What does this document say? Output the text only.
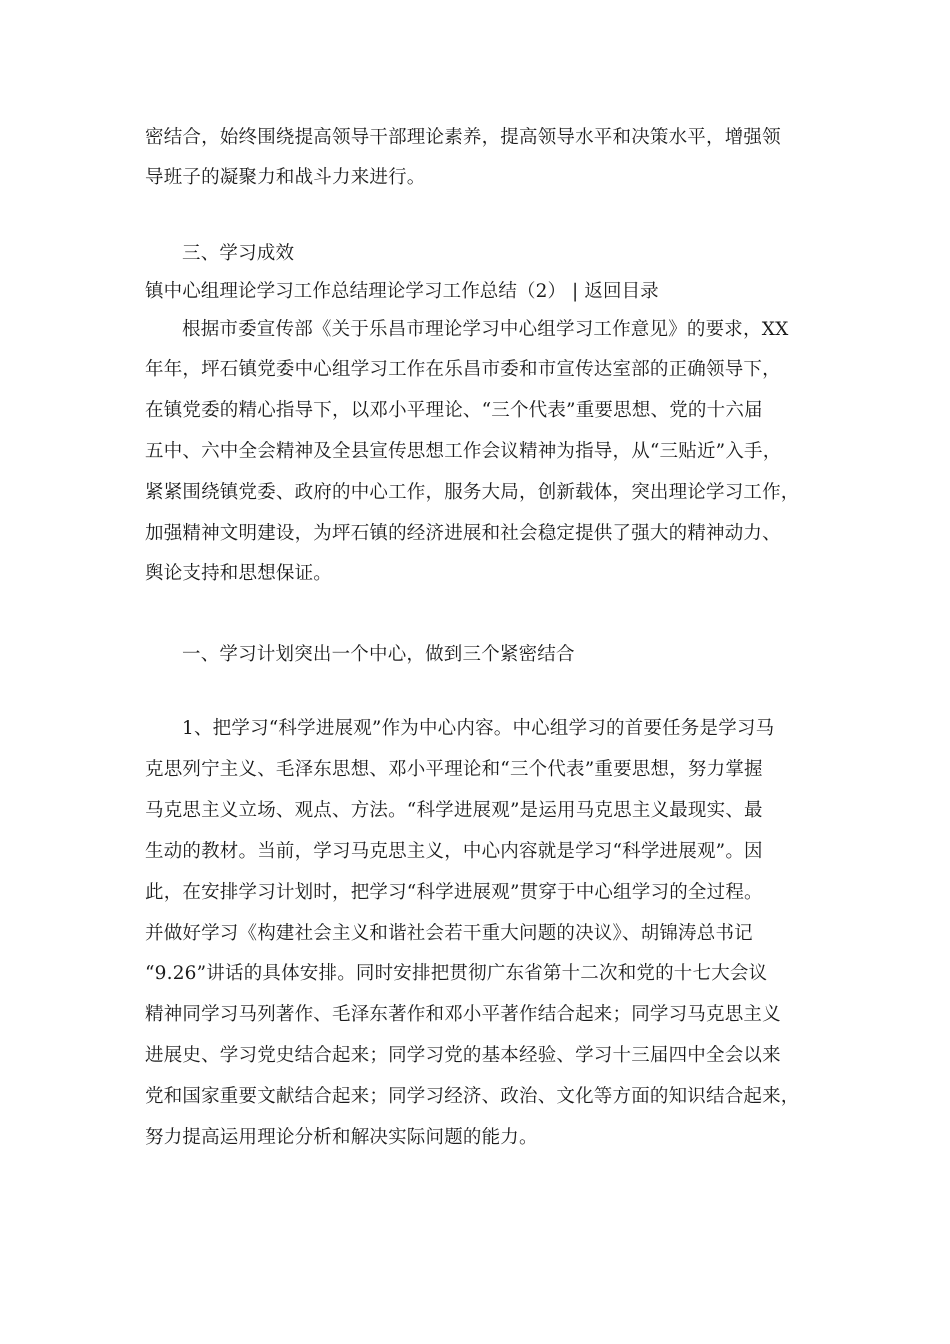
密结合，始终围绕提高领导干部理论素养，提高领导水平和决策水平，增强领
导班子的凝聚力和战斗力来进行。
三、学习成效
镇中心组理论学习工作总结理论学习工作总结（2） | 返回目录
根据市委宣传部《关于乐昌市理论学习中心组学习工作意见》的要求，XX
年年，坪石镇党委中心组学习工作在乐昌市委和市宣传达室部的正确领导下，
在镇党委的精心指导下，以邓小平理论、“三个代表”重要思想、党的十六届
五中、六中全会精神及全县宣传思想工作会议精神为指导，从“三贴近”入手，
紧紧围绕镇党委、政府的中心工作，服务大局，创新载体，突出理论学习工作，
加强精神文明建设，为坪石镇的经济进展和社会稳定提供了强大的精神动力、
舆论支持和思想保证。
一、学习计划突出一个中心，做到三个紧密结合
1、把学习“科学进展观”作为中心内容。中心组学习的首要任务是学习马
克思列宁主义、毛泽东思想、邓小平理论和“三个代表”重要思想，努力掌握
马克思主义立场、观点、方法。“科学进展观”是运用马克思主义最现实、最
生动的教材。当前，学习马克思主义，中心内容就是学习“科学进展观”。因
此，在安排学习计划时，把学习“科学进展观”贯穿于中心组学习的全过程。
并做好学习《构建社会主义和谐社会若干重大问题的决议》、胡锦涛总书记
“9.26”讲话的具体安排。同时安排把贯彻广东省第十二次和党的十七大会议
精神同学习马列著作、毛泽东著作和邓小平著作结合起来；同学习马克思主义
进展史、学习党史结合起来；同学习党的基本经验、学习十三届四中全会以来
党和国家重要文献结合起来；同学习经济、政治、文化等方面的知识结合起来，
努力提高运用理论分析和解决实际问题的能力。
